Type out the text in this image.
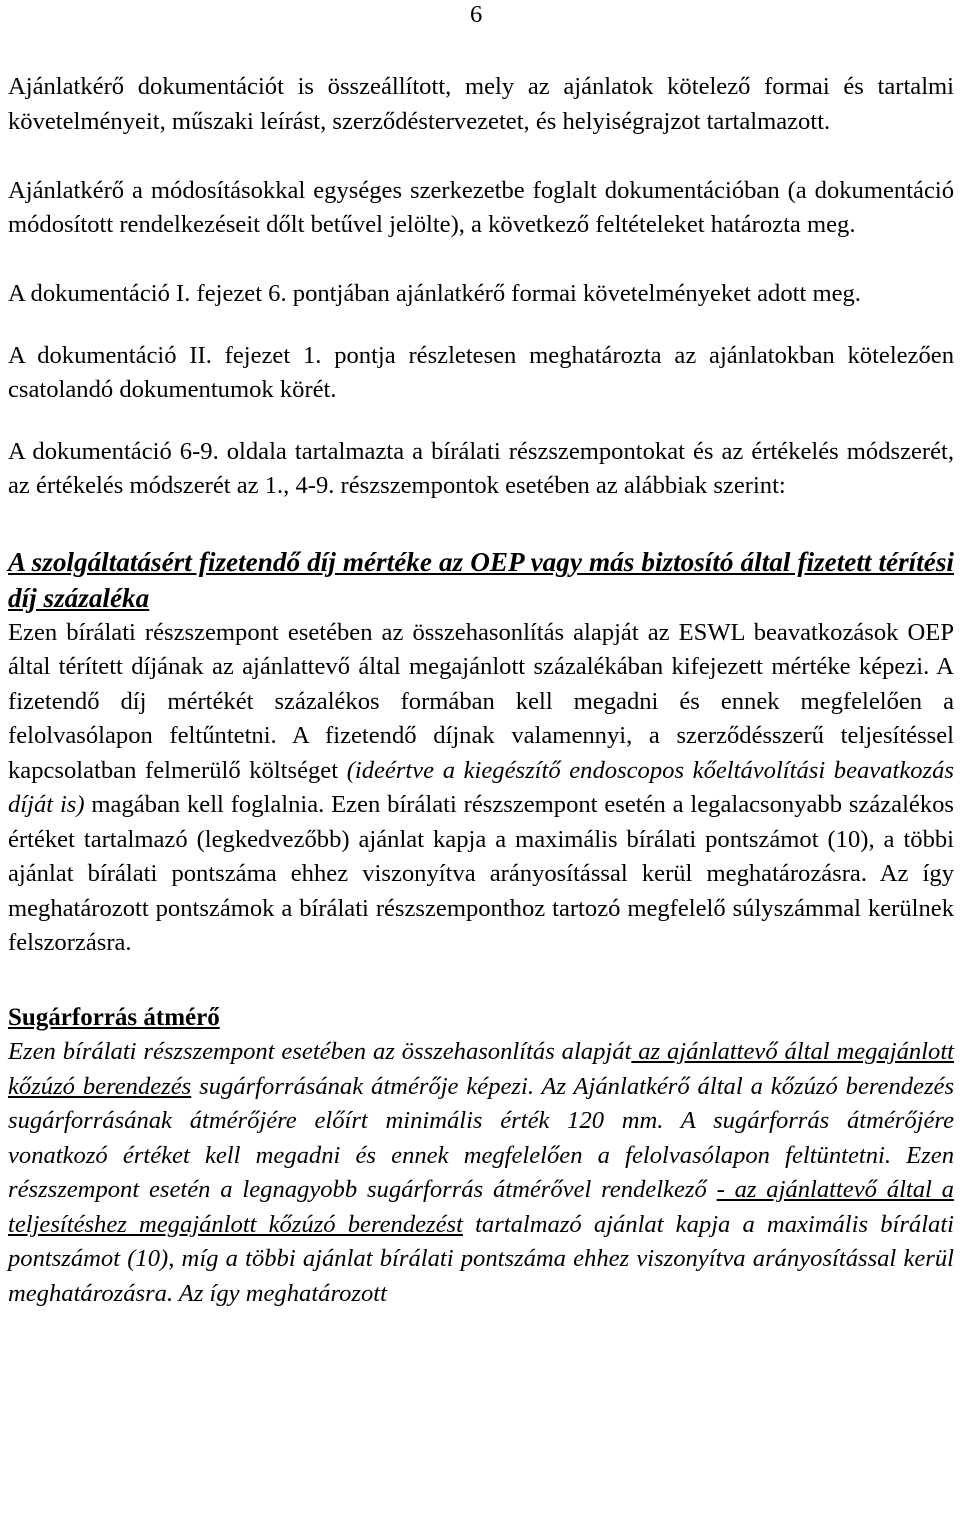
6

Ajánlatkérő dokumentációt is összeállított, mely az ajánlatok kötelező formai és tartalmi követelményeit, műszaki leírást, szerződéstervezetet, és helyiségrajzot tartalmazott.

Ajánlatkérő a módosításokkal egységes szerkezetbe foglalt dokumentációban (a dokumentáció módosított rendelkezéseit dőlt betűvel jelölte), a következő feltételeket határozta meg.

A dokumentáció I. fejezet 6. pontjában ajánlatkérő formai követelményeket adott meg.

A dokumentáció II. fejezet 1. pontja részletesen meghatározta az ajánlatokban kötelezően csatolandó dokumentumok körét.

A dokumentáció 6-9. oldala tartalmazta a bírálati részszempontokat és az értékelés módszerét, az értékelés módszerét az 1., 4-9. részszempontok esetében az alábbiak szerint:

A szolgáltatásért fizetendő díj mértéke az OEP vagy más biztosító által fizetett térítési díj százaléka

Ezen bírálati részszempont esetében az összehasonlítás alapját az ESWL beavatkozások OEP által térített díjának az ajánlattevő által megajánlott százalékában kifejezett mértéke képezi. A fizetendő díj mértékét százalékos formában kell megadni és ennek megfelelően a felolvasólapon feltűntetni. A fizetendő díjnak valamennyi, a szerződésszerű teljesítéssel kapcsolatban felmerülő költséget (ideértve a kiegészítő endoscopos kőeltávolítási beavatkozás díját is) magában kell foglalnia. Ezen bírálati részszempont esetén a legalacsonyabb százalékos értéket tartalmazó (legkedvezőbb) ajánlat kapja a maximális bírálati pontszámot (10), a többi ajánlat bírálati pontszáma ehhez viszonyítva arányosítással kerül meghatározásra. Az így meghatározott pontszámok a bírálati részszemponthoz tartozó megfelelő súlyszámmal kerülnek felszorzásra.

Sugárforrás átmérő

Ezen bírálati részszempont esetében az összehasonlítás alapját az ajánlattevő által megajánlott kőzúzó berendezés sugárforrásának átmérője képezi. Az Ajánlatkérő által a kőzúzó berendezés sugárforrásának átmérőjére előírt minimális érték 120 mm. A sugárforrás átmérőjére vonatkozó értéket kell megadni és ennek megfelelően a felolvasólapon feltüntetni. Ezen részszempont esetén a legnagyobb sugárforrás átmérővel rendelkező - az ajánlattevő által a teljesítéshez megajánlott kőzúzó berendezést tartalmazó ajánlat kapja a maximális bírálati pontszámot (10), míg a többi ajánlat bírálati pontszáma ehhez viszonyítva arányosítással kerül meghatározásra. Az így meghatározott
